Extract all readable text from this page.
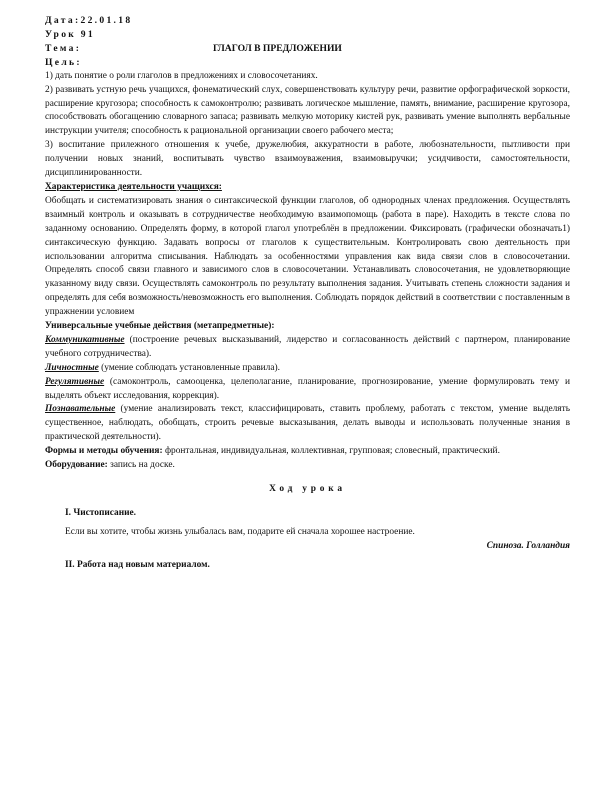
Дата:22.01.18
Урок 91
Тема:	ГЛАГОЛ В ПРЕДЛОЖЕНИИ
Цель:

1) дать понятие о роли глаголов в предложениях и словосочетаниях.

2) развивать устную речь учащихся, фонематический слух, совершенствовать культуру речи, развитие орфографической зоркости, расширение кругозора; способность к самоконтролю; развивать логическое мышление, память, внимание, расширение кругозора, способствовать обогащению словарного запаса; развивать мелкую моторику кистей рук, развивать умение выполнять вербальные инструкции учителя; способность к рациональной организации своего рабочего места;

3) воспитание прилежного отношения к учебе, дружелюбия, аккуратности в работе, любознательности, пытливости при получении новых знаний, воспитывать чувство взаимоуважения, взаимовыручки; усидчивости, самостоятельности, дисциплинированности.

Характеристика деятельности учащихся:

Обобщать и систематизировать знания о синтаксической функции глаголов, об однородных членах предложения. Осуществлять взаимный контроль и оказывать в сотрудничестве необходимую взаимопомощь (работа в паре). Находить в тексте слова по заданному основанию. Определять форму, в которой глагол употреблён в предложении. Фиксировать (графически обозначать1) синтаксическую функцию. Задавать вопросы от глаголов к существительным. Контролировать свою деятельность при использовании алгоритма списывания. Наблюдать за особенностями управления как вида связи слов в словосочетании. Определять способ связи главного и зависимого слов в словосочетании. Устанавливать словосочетания, не удовлетворяющие указанному виду связи. Осуществлять самоконтроль по результату выполнения задания. Учитывать степень сложности задания и определять для себя возможность/невозможность его выполнения. Соблюдать порядок действий в соответствии с поставленным в упражнении условием

Универсальные учебные действия (метапредметные):

Коммуникативные (построение речевых высказываний, лидерство и согласованность действий с партнером, планирование учебного сотрудничества).

Личностные (умение соблюдать установленные правила).

Регулятивные (самоконтроль, самооценка, целеполагание, планирование, прогнозирование, умение формулировать тему и выделять объект исследования, коррекция).

Познавательные (умение анализировать текст, классифицировать, ставить проблему, работать с текстом, умение выделять существенное, наблюдать, обобщать, строить речевые высказывания, делать выводы и использовать полученные знания в практической деятельности).

Формы и методы обучения: фронтальная, индивидуальная, коллективная, групповая; словесный, практический.

Оборудование: запись на доске.

Ход урока

I. Чистописание.

Если вы хотите, чтобы жизнь улыбалась вам, подарите ей сначала хорошее настроение.

Спиноза. Голландия

II. Работа над новым материалом.
